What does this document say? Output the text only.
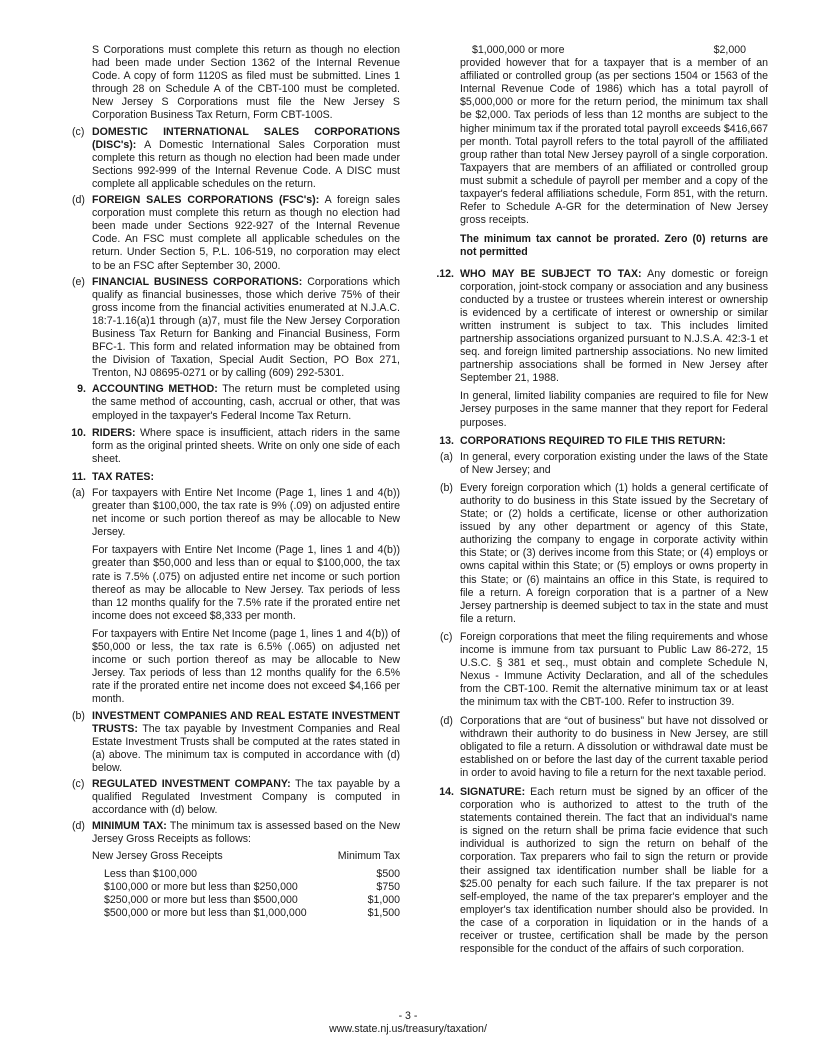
S Corporations must complete this return as though no election had been made under Section 1362 of the Internal Revenue Code. A copy of form 1120S as filed must be submitted. Lines 1 through 28 on Schedule A of the CBT-100 must be completed. New Jersey S Corporations must file the New Jersey S Corporation Business Tax Return, Form CBT-100S.

(c) DOMESTIC INTERNATIONAL SALES CORPORATIONS (DISC's): A Domestic International Sales Corporation must complete this return as though no election had been made under Sections 992-999 of the Internal Revenue Code. A DISC must complete all applicable schedules on the return.

(d) FOREIGN SALES CORPORATIONS (FSC's): A foreign sales corporation must complete this return as though no election had been made under Sections 922-927 of the Internal Revenue Code. An FSC must complete all applicable schedules on the return. Under Section 5, P.L. 106-519, no corporation may elect to be an FSC after September 30, 2000.

(e) FINANCIAL BUSINESS CORPORATIONS: Corporations which qualify as financial businesses, those which derive 75% of their gross income from the financial activities enumerated at N.J.A.C. 18:7-1.16(a)1 through (a)7, must file the New Jersey Corporation Business Tax Return for Banking and Financial Business, Form BFC-1. This form and related information may be obtained from the Division of Taxation, Special Audit Section, PO Box 271, Trenton, NJ 08695-0271 or by calling (609) 292-5301.

9. ACCOUNTING METHOD: The return must be completed using the same method of accounting, cash, accrual or other, that was employed in the taxpayer's Federal Income Tax Return.

10. RIDERS: Where space is insufficient, attach riders in the same form as the original printed sheets. Write on only one side of each sheet.

11. TAX RATES:
(a) For taxpayers with Entire Net Income (Page 1, lines 1 and 4(b)) greater than $100,000, the tax rate is 9% (.09) on adjusted entire net income or such portion thereof as may be allocable to New Jersey.

For taxpayers with Entire Net Income (Page 1, lines 1 and 4(b)) greater than $50,000 and less than or equal to $100,000, the tax rate is 7.5% (.075) on adjusted entire net income or such portion thereof as may be allocable to New Jersey. Tax periods of less than 12 months qualify for the 7.5% rate if the prorated entire net income does not exceed $8,333 per month.

For taxpayers with Entire Net Income (page 1, lines 1 and 4(b)) of $50,000 or less, the tax rate is 6.5% (.065) on adjusted net income or such portion thereof as may be allocable to New Jersey. Tax periods of less than 12 months qualify for the 6.5% rate if the prorated entire net income does not exceed $4,166 per month.

(b) INVESTMENT COMPANIES AND REAL ESTATE INVESTMENT TRUSTS: The tax payable by Investment Companies and Real Estate Investment Trusts shall be computed at the rates stated in (a) above. The minimum tax is computed in accordance with (d) below.

(c) REGULATED INVESTMENT COMPANY: The tax payable by a qualified Regulated Investment Company is computed in accordance with (d) below.

(d) MINIMUM TAX: The minimum tax is assessed based on the New Jersey Gross Receipts as follows:

New Jersey Gross Receipts	Minimum Tax
Less than $100,000	$500
$100,000 or more but less than $250,000	$750
$250,000 or more but less than $500,000	$1,000
$500,000 or more but less than $1,000,000	$1,500
$1,000,000 or more	$2,000

provided however that for a taxpayer that is a member of an affiliated or controlled group (as per sections 1504 or 1563 of the Internal Revenue Code of 1986) which has a total payroll of $5,000,000 or more for the return period, the minimum tax shall be $2,000. Tax periods of less than 12 months are subject to the higher minimum tax if the prorated total payroll exceeds $416,667 per month. Total payroll refers to the total payroll of the affiliated group rather than total New Jersey payroll of a single corporation. Taxpayers that are members of an affiliated or controlled group must submit a schedule of payroll per member and a copy of the taxpayer's federal affiliations schedule, Form 851, with the return. Refer to Schedule A-GR for the determination of New Jersey gross receipts.

The minimum tax cannot be prorated. Zero (0) returns are not permitted

.12. WHO MAY BE SUBJECT TO TAX: Any domestic or foreign corporation, joint-stock company or association and any business conducted by a trustee or trustees wherein interest or ownership is evidenced by a certificate of interest or ownership or similar written instrument is subject to tax. This includes limited partnership associations organized pursuant to N.J.S.A. 42:3-1 et seq. and foreign limited partnership associations. No new limited partnership associations shall be formed in New Jersey after September 21, 1988.

In general, limited liability companies are required to file for New Jersey purposes in the same manner that they report for Federal purposes.

13. CORPORATIONS REQUIRED TO FILE THIS RETURN:
(a) In general, every corporation existing under the laws of the State of New Jersey; and

(b) Every foreign corporation which (1) holds a general certificate of authority to do business in this State issued by the Secretary of State; or (2) holds a certificate, license or other authorization issued by any other department or agency of this State, authorizing the company to engage in corporate activity within this State; or (3) derives income from this State; or (4) employs or owns capital within this State; or (5) employs or owns property in this State; or (6) maintains an office in this State, is required to file a return. A foreign corporation that is a partner of a New Jersey partnership is deemed subject to tax in the state and must file a return.

(c) Foreign corporations that meet the filing requirements and whose income is immune from tax pursuant to Public Law 86-272, 15 U.S.C. § 381 et seq., must obtain and complete Schedule N, Nexus - Immune Activity Declaration, and all of the schedules from the CBT-100. Remit the alternative minimum tax or at least the minimum tax with the CBT-100. Refer to instruction 39.

(d) Corporations that are “out of business” but have not dissolved or withdrawn their authority to do business in New Jersey, are still obligated to file a return. A dissolution or withdrawal date must be established on or before the last day of the current taxable period in order to avoid having to file a return for the next taxable period.

14. SIGNATURE: Each return must be signed by an officer of the corporation who is authorized to attest to the truth of the statements contained therein. The fact that an individual's name is signed on the return shall be prima facie evidence that such individual is authorized to sign the return on behalf of the corporation. Tax preparers who fail to sign the return or provide their assigned tax identification number shall be liable for a $25.00 penalty for each such failure. If the tax preparer is not self-employed, the name of the tax preparer's employer and the employer's tax identification number should also be provided. In the case of a corporation in liquidation or in the hands of a receiver or trustee, certification shall be made by the person responsible for the conduct of the affairs of such corporation.

- 3 -
www.state.nj.us/treasury/taxation/
